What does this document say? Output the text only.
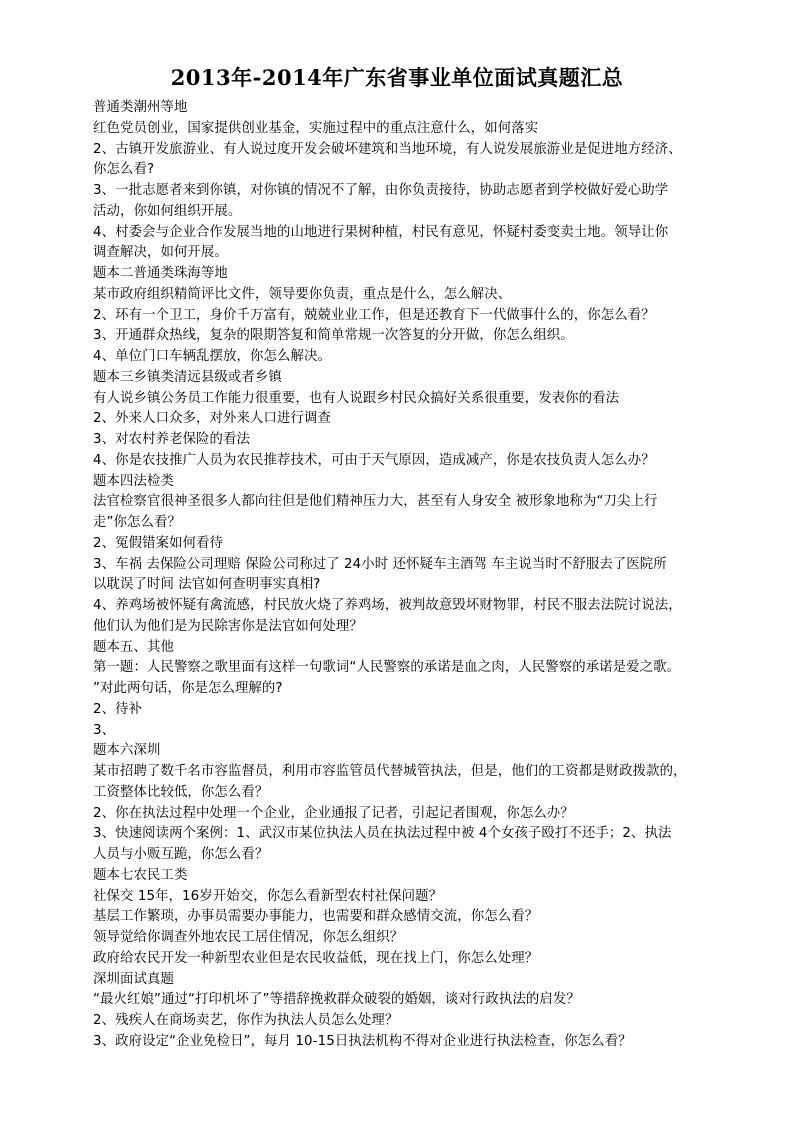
2013年-2014年广东省事业单位面试真题汇总
普通类潮州等地
红色党员创业，国家提供创业基金，实施过程中的重点注意什么，如何落实
2、古镇开发旅游业、有人说过度开发会破坏建筑和当地环境，有人说发展旅游业是促进地方经济、
你怎么看?
3、一批志愿者来到你镇，对你镇的情况不了解，由你负责接待，协助志愿者到学校做好爱心助学
活动，你如何组织开展。
4、村委会与企业合作发展当地的山地进行果树种植，村民有意见，怀疑村委变卖土地。领导让你
调查解决，如何开展。
题本二普通类珠海等地
某市政府组织精简评比文件，领导要你负责，重点是什么，怎么解决、
2、环有一个卫工，身价千万富有，兢兢业业工作，但是还教育下一代做事什么的，你怎么看？
3、开通群众热线，复杂的限期答复和简单常规一次答复的分开做，你怎么组织。
4、单位门口车辆乱摆放，你怎么解决。
题本三乡镇类清远县级或者乡镇
有人说乡镇公务员工作能力很重要，也有人说跟乡村民众搞好关系很重要，发表你的看法
2、外来人口众多，对外来人口进行调查
3、对农村养老保险的看法
4、你是农技推广人员为农民推荐技术，可由于天气原因，造成减产，你是农技负责人怎么办？
题本四法检类
法官检察官很神圣很多人都向往但是他们精神压力大，甚至有人身安全 被形象地称为“刀尖上行
走”你怎么看？
2、冤假错案如何看待
3、车祸 去保险公司理赔 保险公司称过了 24小时 还怀疑车主酒驾 车主说当时不舒服去了医院所
以耽误了时间 法官如何查明事实真相?
4、养鸡场被怀疑有禽流感，村民放火烧了养鸡场，被判故意毁坏财物罪，村民不服去法院讨说法，
他们认为他们是为民除害你是法官如何处理？
题本五、其他
第一题：人民警察之歌里面有这样一句歌词“人民警察的承诺是血之肉，人民警察的承诺是爱之歌。
”对此两句话，你是怎么理解的?
2、待补
3、
题本六深圳
某市招聘了数千名市容监督员，利用市容监管员代替城管执法，但是，他们的工资都是财政拨款的，
工资整体比较低，你怎么看？
2、你在执法过程中处理一个企业，企业通报了记者，引起记者围观，你怎么办？
3、快速阅读两个案例：1、武汉市某位执法人员在执法过程中被 4个女孩子殴打不还手；2、执法
人员与小贩互跪，你怎么看？
题本七农民工类
社保交 15年，16岁开始交，你怎么看新型农村社保问题？
基层工作繁琐，办事员需要办事能力，也需要和群众感情交流，你怎么看？
领导觉给你调查外地农民工居住情况，你怎么组织？
政府给农民开发一种新型农业但是农民收益低，现在找上门，你怎么处理？
深圳面试真题
“最火红娘”通过“打印机坏了”等措辞挽救群众破裂的婚姻，谈对行政执法的启发？
2、残疾人在商场卖艺，你作为执法人员怎么处理？
3、政府设定“企业免检日”，每月 10-15日执法机构不得对企业进行执法检查，你怎么看？
